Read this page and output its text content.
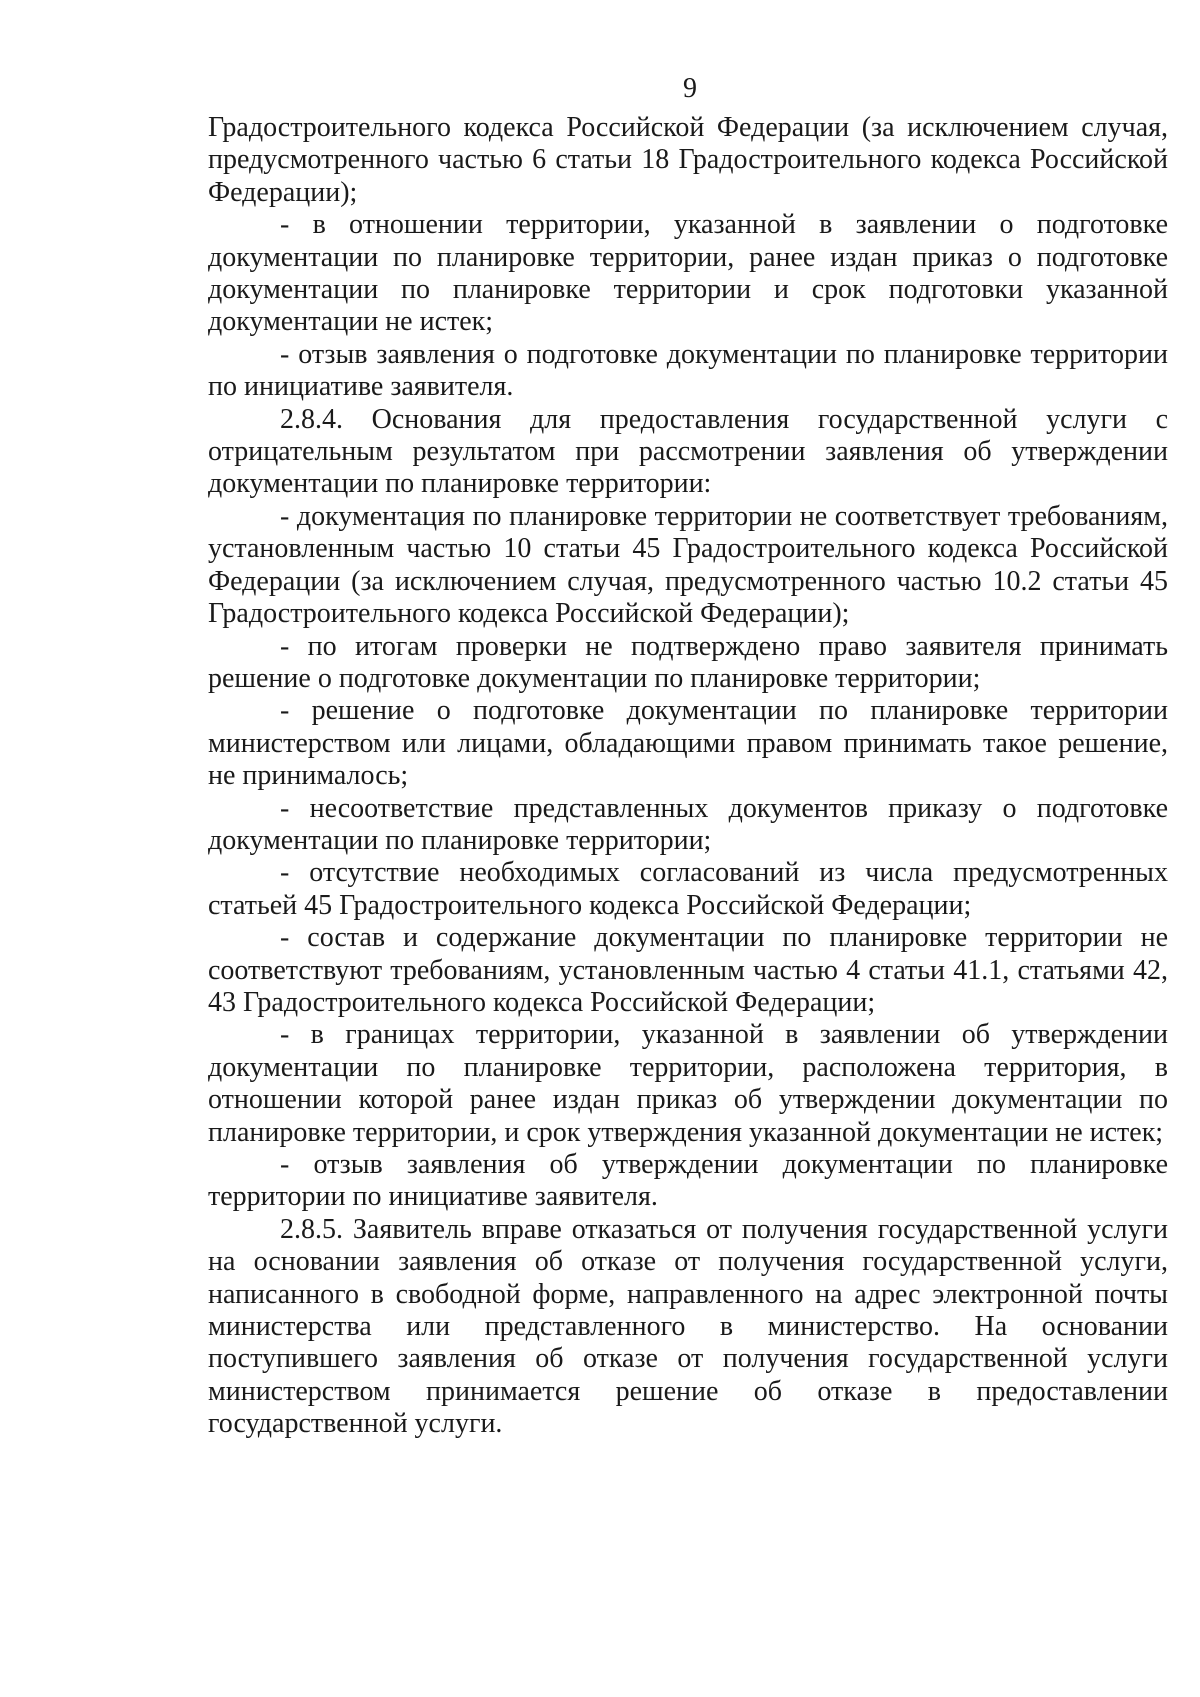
9

Градостроительного кодекса Российской Федерации (за исключением случая, предусмотренного частью 6 статьи 18 Градостроительного кодекса Российской Федерации);

- в отношении территории, указанной в заявлении о подготовке документации по планировке территории, ранее издан приказ о подготовке документации по планировке территории и срок подготовки указанной документации не истек;

- отзыв заявления о подготовке документации по планировке территории по инициативе заявителя.

2.8.4. Основания для предоставления государственной услуги с отрицательным результатом при рассмотрении заявления об утверждении документации по планировке территории:

- документация по планировке территории не соответствует требованиям, установленным частью 10 статьи 45 Градостроительного кодекса Российской Федерации (за исключением случая, предусмотренного частью 10.2 статьи 45 Градостроительного кодекса Российской Федерации);

- по итогам проверки не подтверждено право заявителя принимать решение о подготовке документации по планировке территории;

- решение о подготовке документации по планировке территории министерством или лицами, обладающими правом принимать такое решение, не принималось;

- несоответствие представленных документов приказу о подготовке документации по планировке территории;

- отсутствие необходимых согласований из числа предусмотренных статьей 45 Градостроительного кодекса Российской Федерации;

- состав и содержание документации по планировке территории не соответствуют требованиям, установленным частью 4 статьи 41.1, статьями 42, 43 Градостроительного кодекса Российской Федерации;

- в границах территории, указанной в заявлении об утверждении документации по планировке территории, расположена территория, в отношении которой ранее издан приказ об утверждении документации по планировке территории, и срок утверждения указанной документации не истек;

- отзыв заявления об утверждении документации по планировке территории по инициативе заявителя.

2.8.5. Заявитель вправе отказаться от получения государственной услуги на основании заявления об отказе от получения государственной услуги, написанного в свободной форме, направленного на адрес электронной почты министерства или представленного в министерство. На основании поступившего заявления об отказе от получения государственной услуги министерством принимается решение об отказе в предоставлении государственной услуги.
